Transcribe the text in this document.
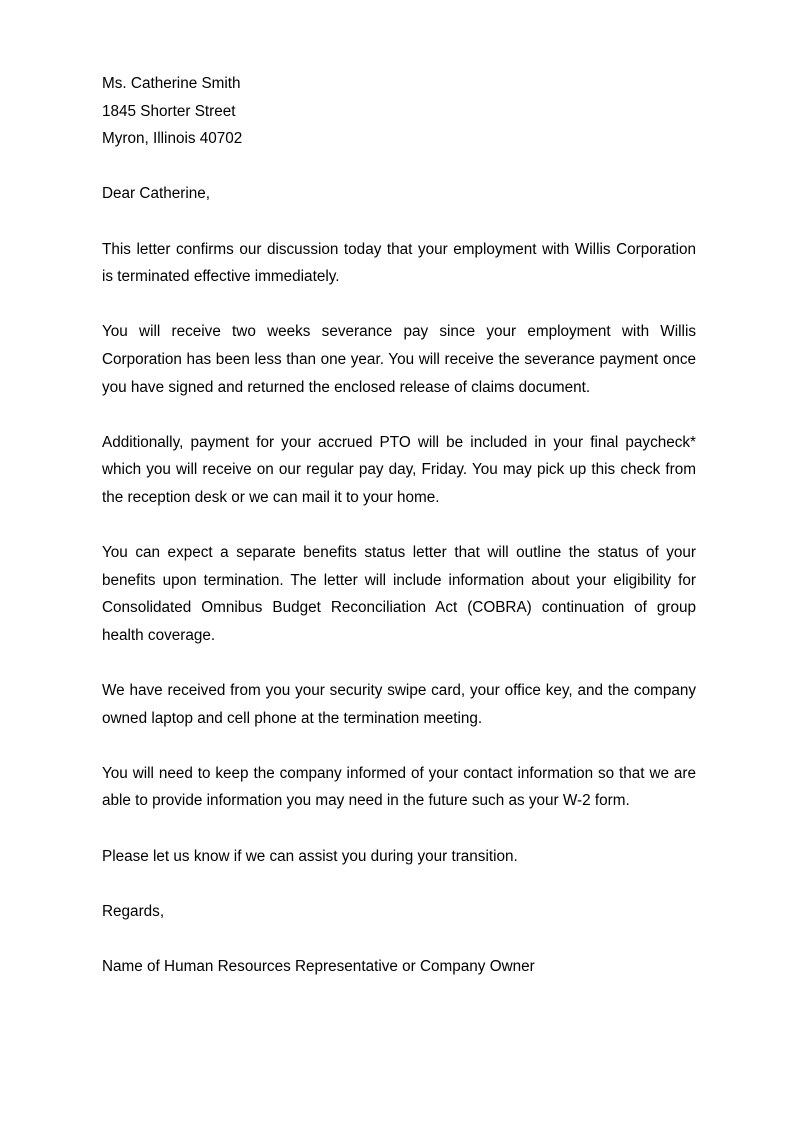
Ms. Catherine Smith
1845 Shorter Street
Myron, Illinois 40702
Dear Catherine,

This letter confirms our discussion today that your employment with Willis Corporation is terminated effective immediately.

You will receive two weeks severance pay since your employment with Willis Corporation has been less than one year. You will receive the severance payment once you have signed and returned the enclosed release of claims document.

Additionally, payment for your accrued PTO will be included in your final paycheck* which you will receive on our regular pay day, Friday. You may pick up this check from the reception desk or we can mail it to your home.

You can expect a separate benefits status letter that will outline the status of your benefits upon termination. The letter will include information about your eligibility for Consolidated Omnibus Budget Reconciliation Act (COBRA) continuation of group health coverage.

We have received from you your security swipe card, your office key, and the company owned laptop and cell phone at the termination meeting.

You will need to keep the company informed of your contact information so that we are able to provide information you may need in the future such as your W-2 form.

Please let us know if we can assist you during your transition.

Regards,
Name of Human Resources Representative or Company Owner
